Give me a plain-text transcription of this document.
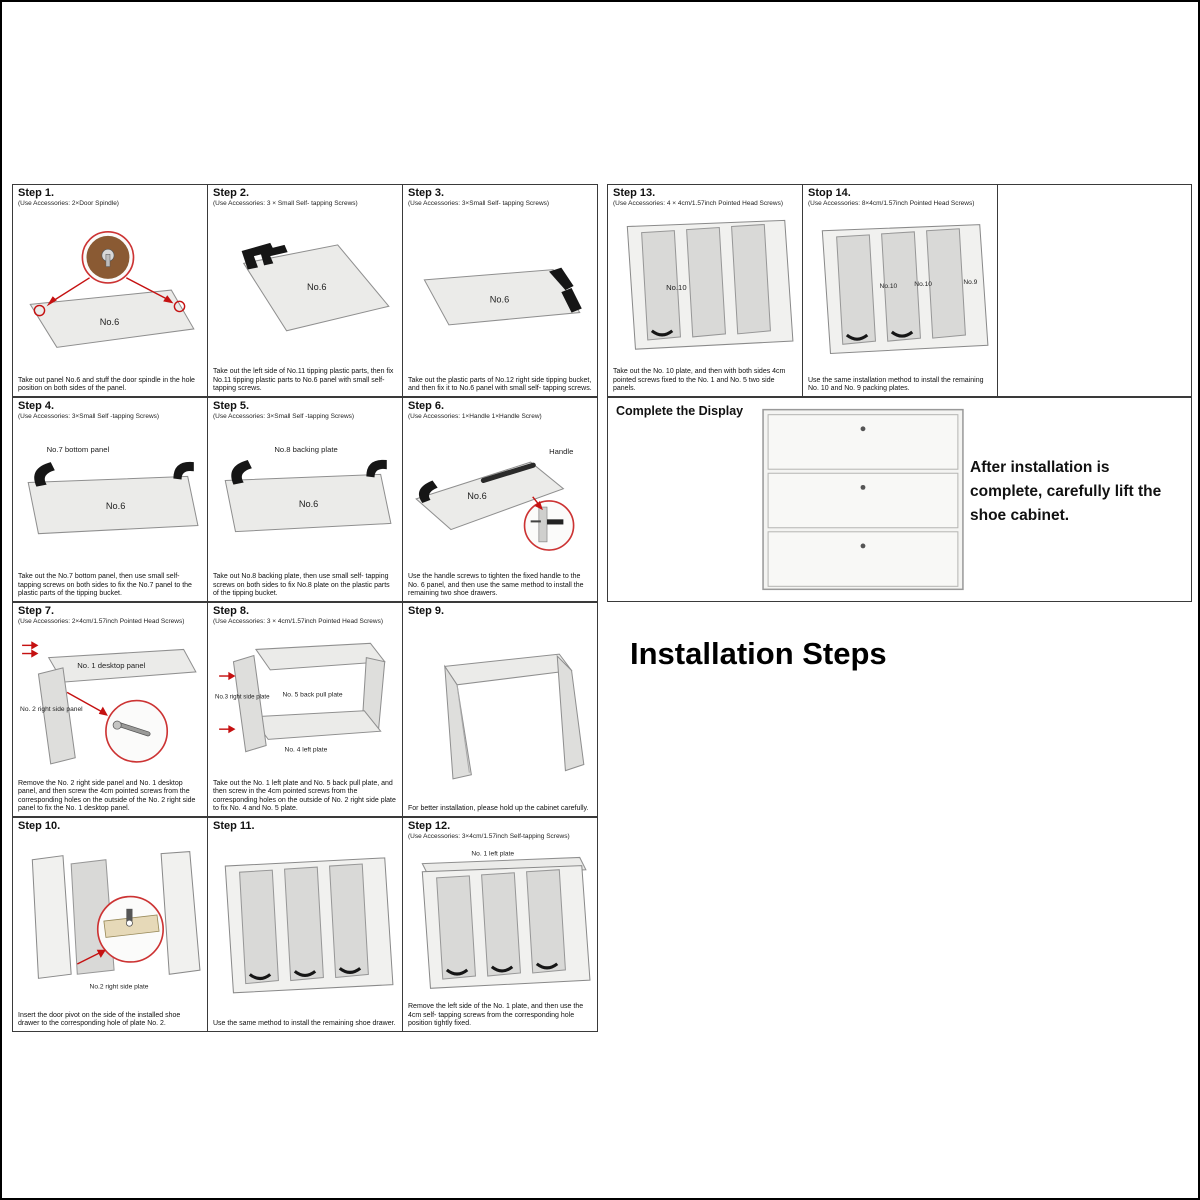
Step 1.
(Use Accessories: 2×Door Spindle)
No.6
Take out panel No.6 and stuff the door spindle in the hole position on both sides of the panel.
Step 2.
(Use Accessories: 3 × Small Self- tapping Screws)
No.6
Take out the left side of No.11 tipping plastic parts, then fix No.11 tipping plastic parts to No.6 panel with small self- tapping screws.
Step 3.
(Use Accessories: 3×Small Self- tapping Screws)
No.6
Take out the plastic parts of No.12 right side tipping bucket, and then fix it to No.6 panel with small self- tapping screws.
Step 4.
(Use Accessories: 3×Small Self -tapping Screws)
No.7 bottom panel
No.6
Take out the No.7 bottom panel, then use small self- tapping screws on both sides to fix the No.7 panel to the plastic parts of the tipping bucket.
Step 5.
(Use Accessories: 3×Small Self -tapping Screws)
No.8 backing plate
No.6
Take out No.8 backing plate, then use small self- tapping screws on both sides to fix No.8 plate on the plastic parts of the tipping bucket.
Step 6.
(Use Accessories: 1×Handle 1×Handle Screw)
Handle
No.6
Use the handle screws to tighten the fixed handle to the No. 6 panel, and then use the same method to install the remaining two shoe drawers.
Step 7.
(Use Accessories: 2×4cm/1.57inch Pointed Head Screws)
No. 1 desktop panel
No. 2 right side panel
Remove the No. 2 right side panel and No. 1 desktop panel, and then screw the 4cm pointed screws from the corresponding holes on the outside of the No. 2 right side panel to fix the No. 1 desktop panel.
Step 8.
(Use Accessories: 3 × 4cm/1.57inch Pointed Head Screws)
No.3 right side plate No. 5 back pull plate
No. 4 left plate
Take out the No. 1 left plate and No. 5 back pull plate, and then screw in the 4cm pointed screws from the corresponding holes on the outside of No. 2 right side plate to fix No. 4 and No. 5 plate.
Step 9.
For better installation, please hold up the cabinet carefully.
Step 10.
No.2 right side plate
Insert the door pivot on the side of the installed shoe drawer to the corresponding hole of plate No. 2.
Step 11.
Use the same method to install the remaining shoe drawer.
Step 12.
(Use Accessories: 3×4cm/1.57inch Self-tapping Screws)
No. 1 left plate
Remove the left side of the No. 1 plate, and then use the 4cm self- tapping screws from the corresponding hole position tightly fixed.
Step 13.
(Use Accessories: 4 × 4cm/1.57inch Pointed Head Screws)
No.10
Take out the No. 10 plate, and then with both sides 4cm pointed screws fixed to the No. 1 and No. 5 two side panels.
Stop 14.
(Use Accessories: 8×4cm/1.57inch Pointed Head Screws)
No.10	No.10	No.9
Use the same installation method to install the remaining No. 10 and No. 9 packing plates.
Complete the Display
After installation is complete, carefully lift the shoe cabinet.
Installation Steps
